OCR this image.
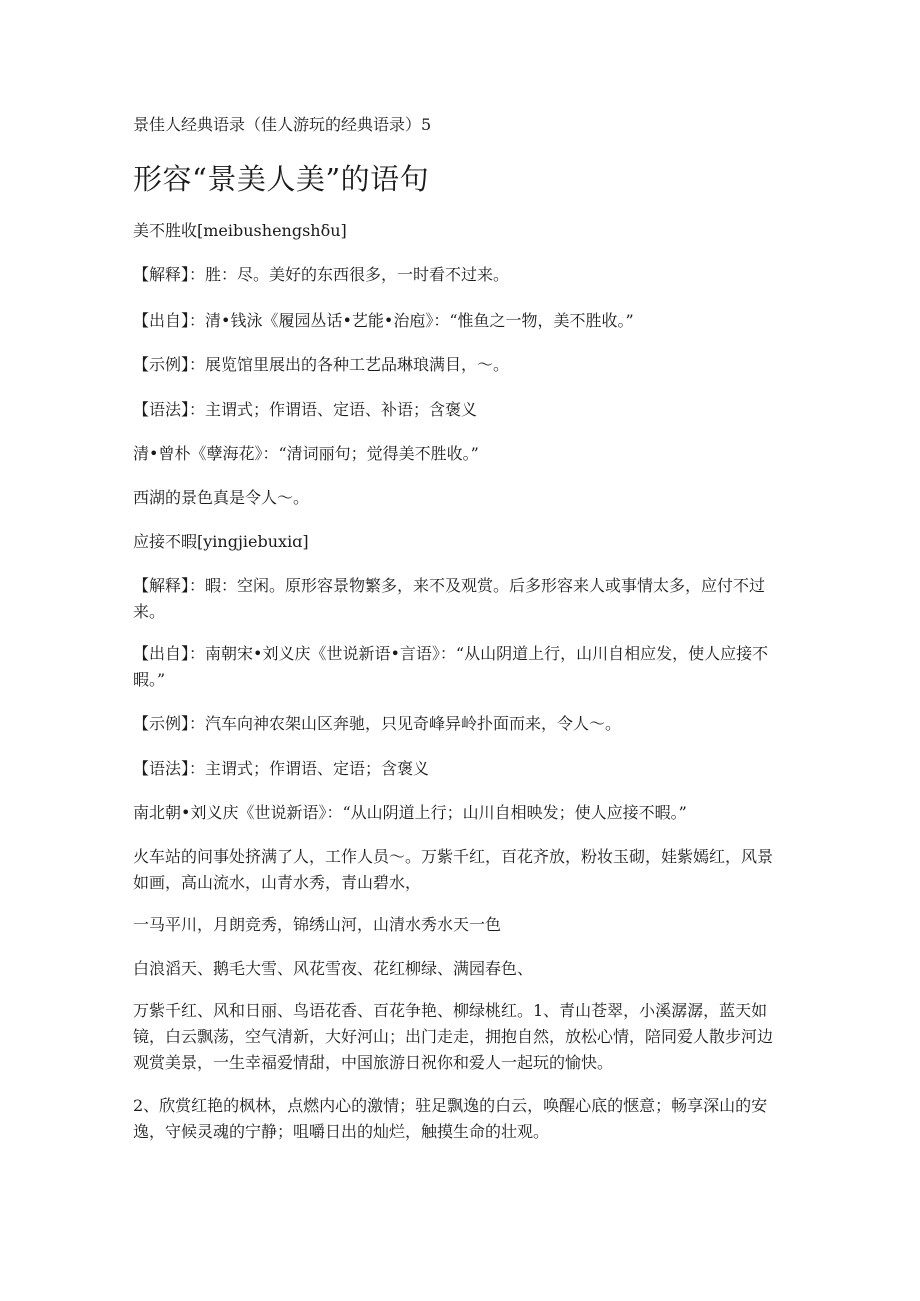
景佳人经典语录（佳人游玩的经典语录）5
形容“景美人美”的语句
美不胜收[meibushengshδu]
【解释】：胜：尽。美好的东西很多，一时看不过来。
【出自】：清•钱泳《履园丛话•艺能•治庖》：“惟鱼之一物，美不胜收。”
【示例】：展览馆里展出的各种工艺品琳琅满目，～。
【语法】：主谓式；作谓语、定语、补语；含褒义
清•曾朴《孽海花》：“清词丽句；觉得美不胜收。”
西湖的景色真是令人～。
应接不暇[yingjiebuxiɑ]
【解释】：暇：空闲。原形容景物繁多，来不及观赏。后多形容来人或事情太多，应付不过来。
【出自】：南朝宋•刘义庆《世说新语•言语》：“从山阴道上行，山川自相应发，使人应接不暇。”
【示例】：汽车向神农架山区奔驰，只见奇峰异岭扑面而来，令人～。
【语法】：主谓式；作谓语、定语；含褒义
南北朝•刘义庆《世说新语》：“从山阴道上行；山川自相映发；使人应接不暇。”
火车站的问事处挤满了人，工作人员～。万紫千红，百花齐放，粉妆玉砌，娃紫嫣红，风景如画，高山流水，山青水秀，青山碧水，
一马平川，月朗竞秀，锦绣山河，山清水秀水天一色
白浪滔天、鹅毛大雪、风花雪夜、花红柳绿、满园春色、
万紫千红、风和日丽、鸟语花香、百花争艳、柳绿桃红。1、青山苍翠，小溪潺潺，蓝天如镜，白云飘荡，空气清新，大好河山；出门走走，拥抱自然，放松心情，陪同爱人散步河边观赏美景，一生幸福爱情甜，中国旅游日祝你和爱人一起玩的愉快。
2、欣赏红艳的枫林，点燃内心的激情；驻足飘逸的白云，唤醒心底的惬意；畅享深山的安逸，守候灵魂的宁静；咀嚼日出的灿烂，触摸生命的壮观。
